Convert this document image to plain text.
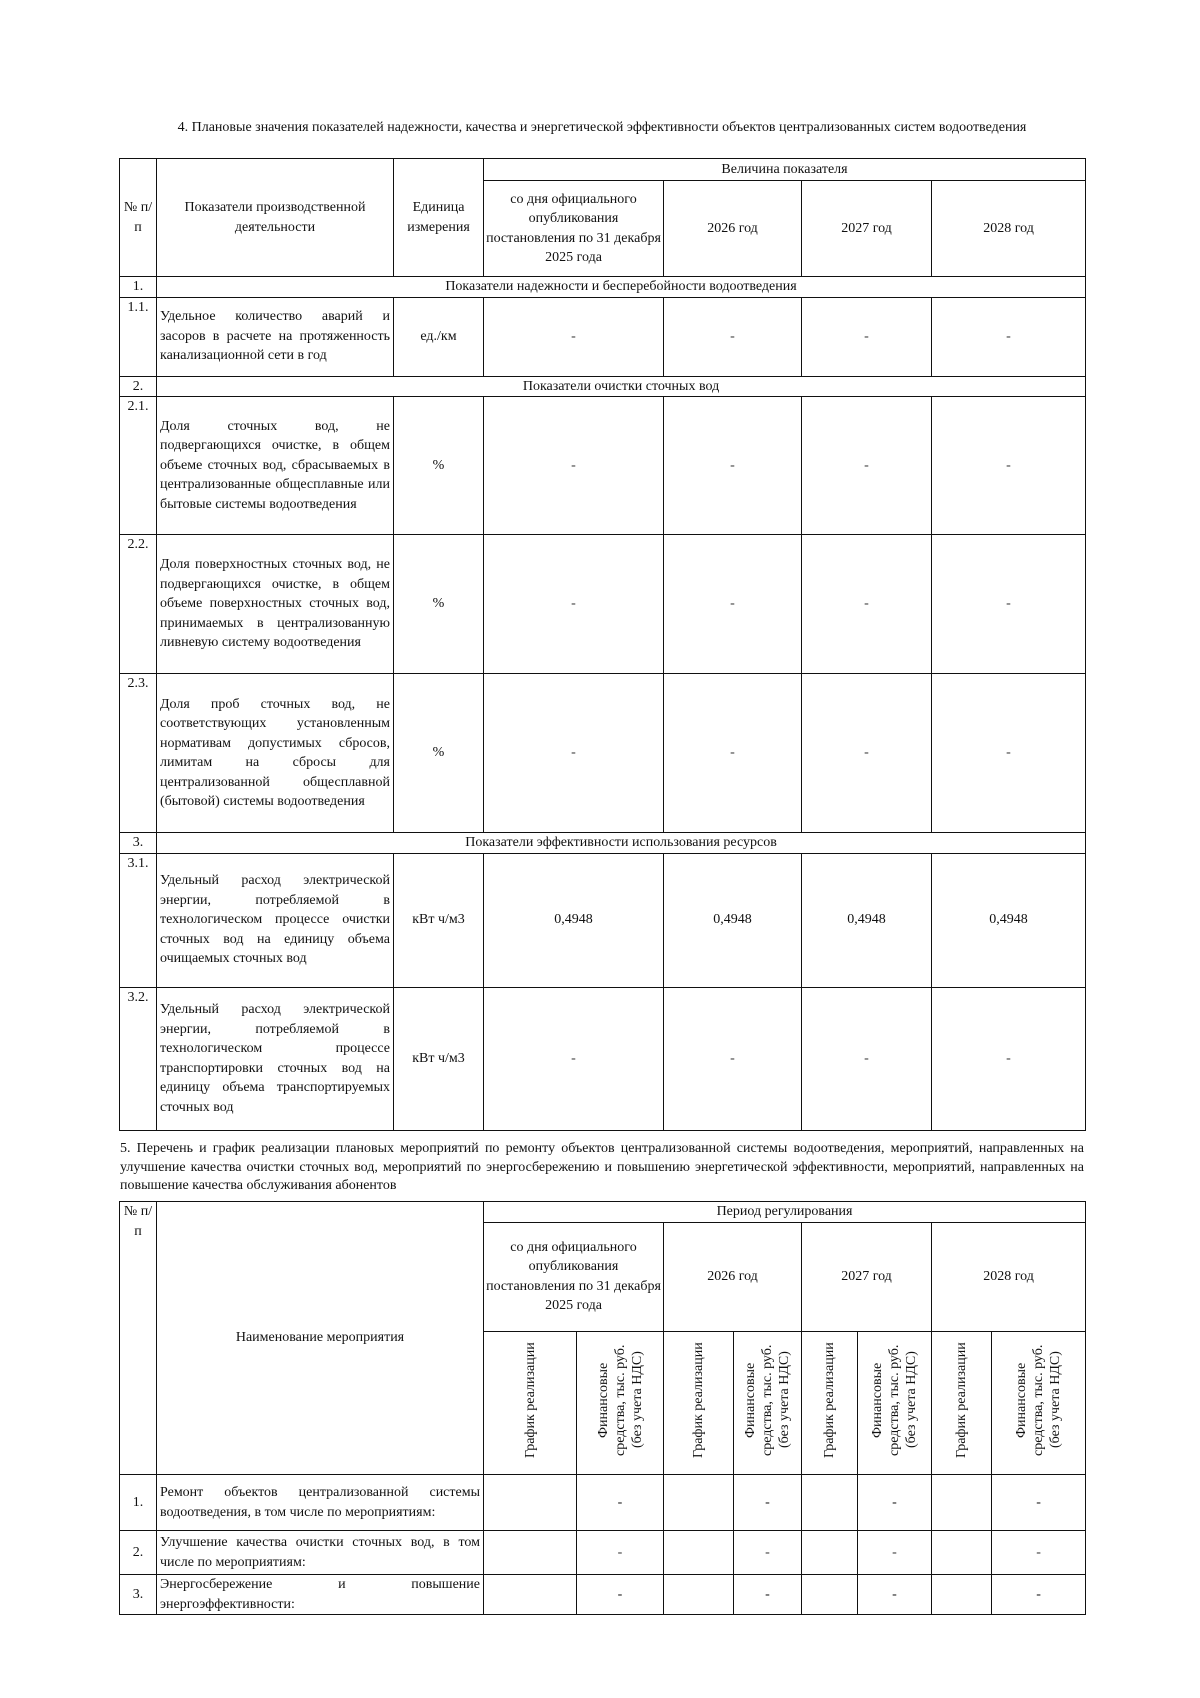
4. Плановые значения показателей надежности, качества и энергетической эффективности объектов централизованных систем водоотведения
№ п/п	Показатели производственной деятельности	Единица измерения	Величина показателя			
			со дня официального опубликования постановления по 31 декабря 2025 года	2026 год	2027 год	2028 год
1.	Показатели надежности и бесперебойности водоотведения					
1.1.	Удельное количество аварий и засоров в расчете на протяженность канализационной сети в год	ед./км	-	-	-	-
2.	Показатели очистки сточных вод					
2.1.	Доля сточных вод, не подвергающихся очистке, в общем объеме сточных вод, сбрасываемых в централизованные общесплавные или бытовые системы водоотведения	%	-	-	-	-
2.2.	Доля поверхностных сточных вод, не подвергающихся очистке, в общем объеме поверхностных сточных вод, принимаемых в централизованную ливневую систему водоотведения	%	-	-	-	-
2.3.	Доля проб сточных вод, не соответствующих установленным нормативам допустимых сбросов, лимитам на сбросы для централизованной общесплавной (бытовой) системы водоотведения	%	-	-	-	-
3.	Показатели эффективности использования ресурсов					
3.1.	Удельный расход электрической энергии, потребляемой в технологическом процессе очистки сточных вод на единицу объема очищаемых сточных вод	кВт ч/м3	0,4948	0,4948	0,4948	0,4948
3.2.	Удельный расход электрической энергии, потребляемой в технологическом процессе транспортировки сточных вод на единицу объема транспортируемых сточных вод	кВт ч/м3	-	-	-	-
5. Перечень и график реализации плановых мероприятий по ремонту объектов централизованной системы водоотведения, мероприятий, направленных на улучшение качества очистки сточных вод, мероприятий по энергосбережению и повышению энергетической эффективности, мероприятий, направленных на повышение качества обслуживания абонентов
№ п/п	Наименование мероприятия	Период регулирования							
		со дня официального опубликования постановления по 31 декабря 2025 года		2026 год		2027 год		2028 год	
		График реализации	Финансовые средства, тыс. руб. (без учета НДС)	График реализации	Финансовые средства, тыс. руб. (без учета НДС)	График реализации	Финансовые средства, тыс. руб. (без учета НДС)	График реализации	Финансовые средства, тыс. руб. (без учета НДС)
1.	Ремонт объектов централизованной системы водоотведения, в том числе по мероприятиям:		-		-		-		-
2.	Улучшение качества очистки сточных вод, в том числе по мероприятиям:		-		-		-		-
3.	Энергосбережение и повышение энергоэффективности:		-		-		-		-
